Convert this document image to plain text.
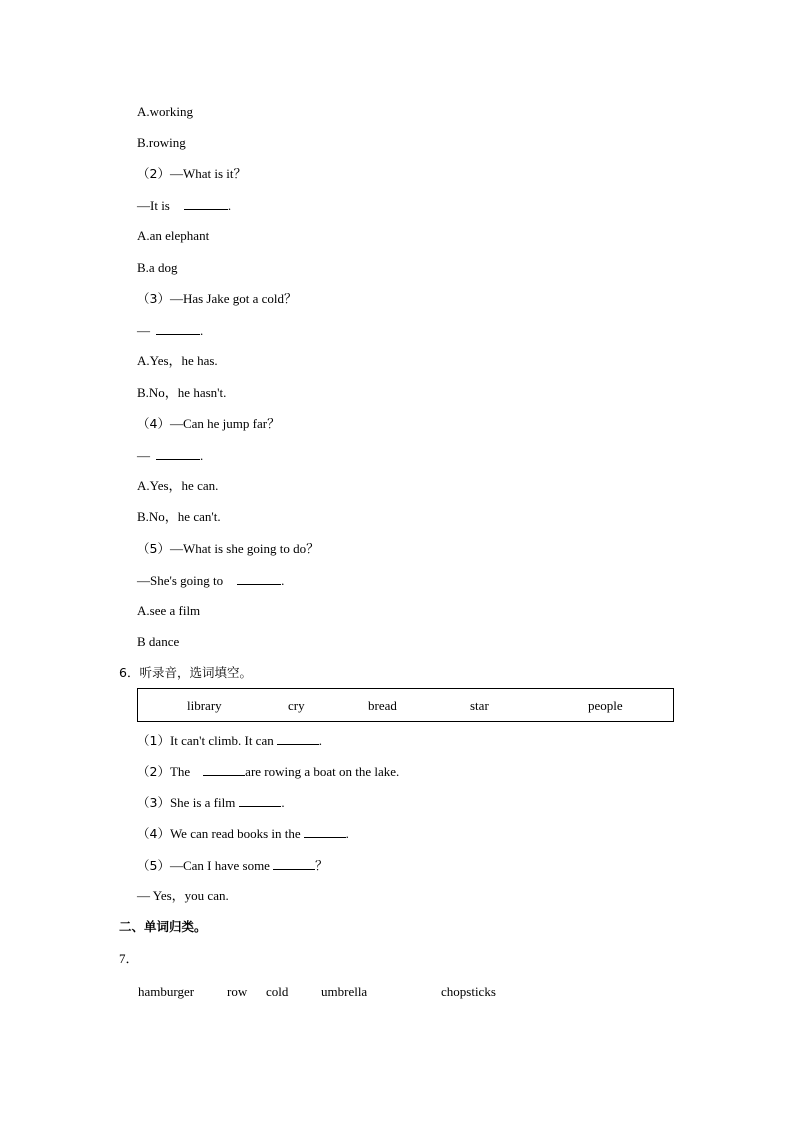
A.working
B.rowing
（2）—What is it？
—It is	.
A.an elephant
B.a dog
（3）—Has Jake got a cold？
—	.
A.Yes，he has.
B.No，he hasn't.
（4）—Can he jump far？
—	.
A.Yes，he can.
B.No，he can't.
（5）—What is she going to do？
—She's going to	.
A.see a film
B dance
6．听录音，选词填空。
library	cry	bread	star	people
（1）It can't climb. It can	.
（2）The	are rowing a boat on the lake.
（3）She is a film	.
（4）We can read books in the	.
（5）—Can I have some	？
— Yes，you can.
二、单词归类。
7．
hamburger	row cold	umbrella	chopsticks
